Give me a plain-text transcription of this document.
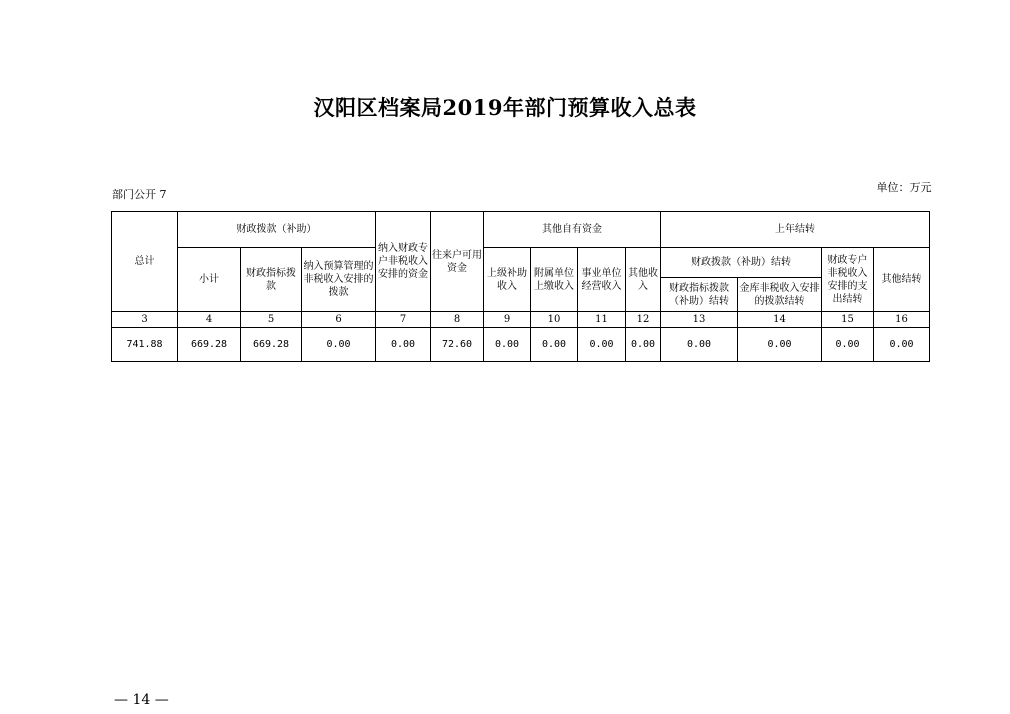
汉阳区档案局2019年部门预算收入总表
部门公开 7
单位：万元
总计	财政拨款（补助）			纳入财政专户非税收入安排的资金	往来户可用资金	其他自有资金				上年结转			
	小计	财政指标拨款	纳入预算管理的非税收入安排的拨款			上级补助收入	附属单位上缴收入	事业单位经营收入	其他收入	财政拨款（补助）结转		财政专户非税收入安排的支出结转	其他结转
										财政指标拨款（补助）结转	金库非税收入安排的拨款结转		
3	4	5	6	7	8	9	10	11	12	13	14	15	16
741.88	669.28	669.28	0.00	0.00	72.60	0.00	0.00	0.00	0.00	0.00	0.00	0.00	0.00
— 14 —
